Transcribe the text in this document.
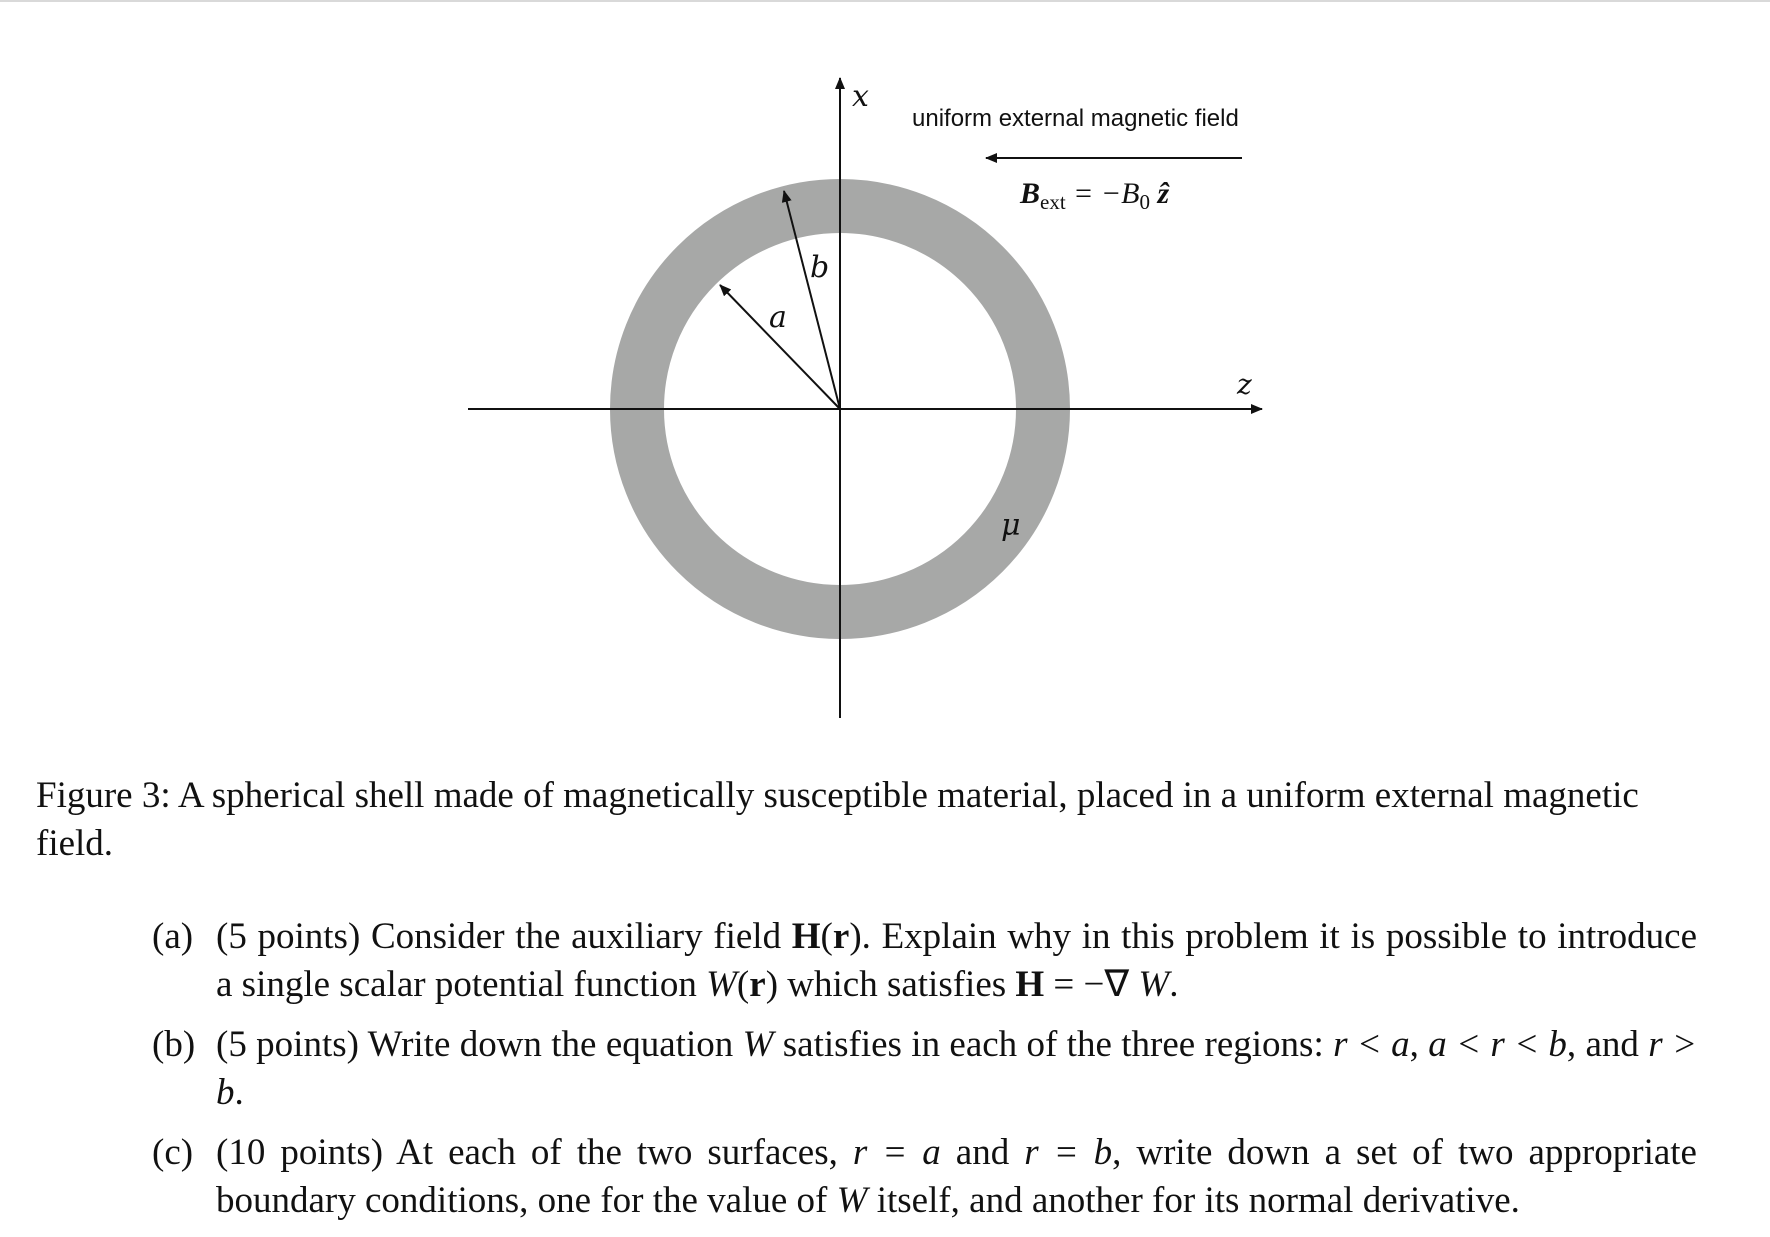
x
z
a
b
μ
uniform external magnetic field
$B_{ext} = -B_0$ ẑ
Figure 3: A spherical shell made of magnetically susceptible material, placed in a uniform external magnetic field.
(a) (5 points) Consider the auxiliary field H(r). Explain why in this problem it is possible to introduce a single scalar potential function W(r) which satisfies H = −∇ W.
(b) (5 points) Write down the equation W satisfies in each of the three regions: r < a, a < r < b, and r > b.
(c) (10 points) At each of the two surfaces, r = a and r = b, write down a set of two appropriate boundary conditions, one for the value of W itself, and another for its normal derivative.
